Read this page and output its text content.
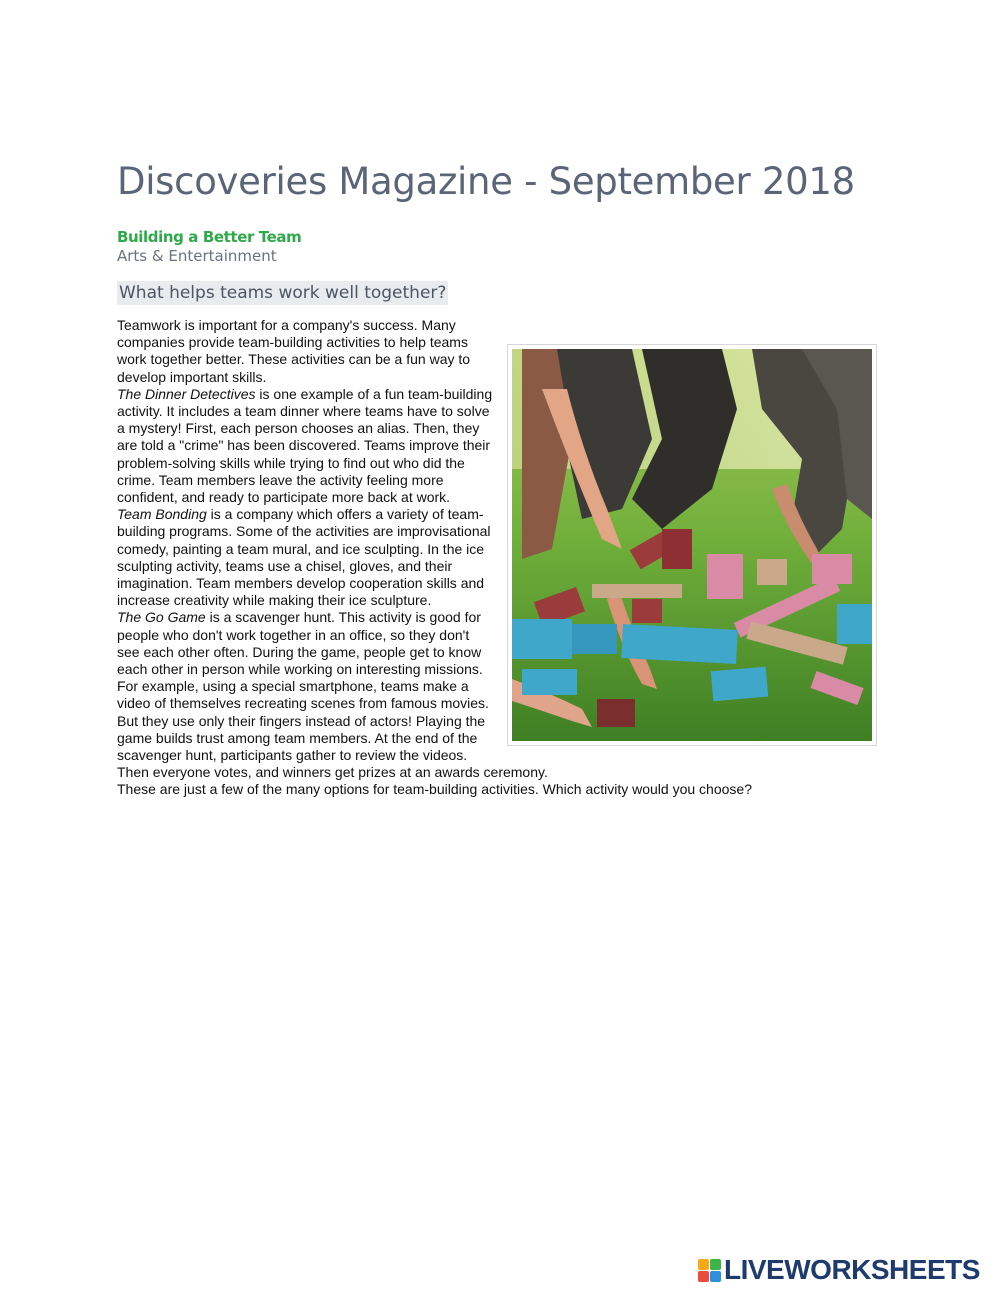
Discoveries Magazine - September 2018
Building a Better Team
Arts & Entertainment
What helps teams work well together?

Teamwork is important for a company's success. Many companies provide team-building activities to help teams work together better. These activities can be a fun way to develop important skills.

The Dinner Detectives is one example of a fun team-building activity. It includes a team dinner where teams have to solve a mystery! First, each person chooses an alias. Then, they are told a "crime" has been discovered. Teams improve their problem-solving skills while trying to find out who did the crime. Team members leave the activity feeling more confident, and ready to participate more back at work.

Team Bonding is a company which offers a variety of team-building programs. Some of the activities are improvisational comedy, painting a team mural, and ice sculpting. In the ice sculpting activity, teams use a chisel, gloves, and their imagination. Team members develop cooperation skills and increase creativity while making their ice sculpture.

The Go Game is a scavenger hunt. This activity is good for people who don't work together in an office, so they don't see each other often. During the game, people get to know each other in person while working on interesting missions. For example, using a special smartphone, teams make a video of themselves recreating scenes from famous movies. But they use only their fingers instead of actors! Playing the game builds trust among team members. At the end of the scavenger hunt, participants gather to review the videos. Then everyone votes, and winners get prizes at an awards ceremony.

These are just a few of the many options for team-building activities. Which activity would you choose?

LIVEWORKSHEETS
